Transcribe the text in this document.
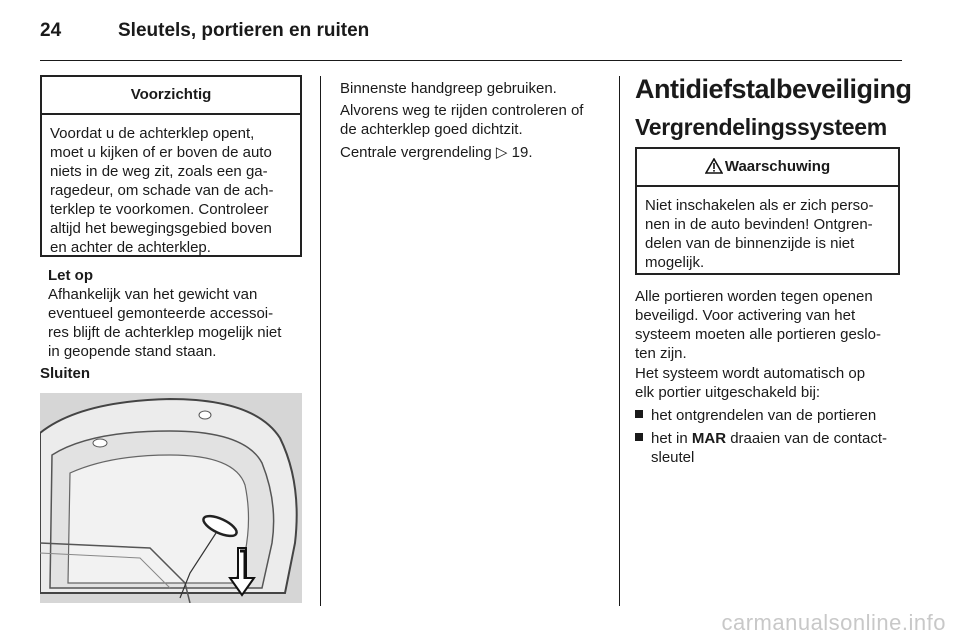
24	Sleutels, portieren en ruiten
Voorzichtig
Voordat u de achterklep opent,
moet u kijken of er boven de auto
niets in de weg zit, zoals een ga-
ragedeur, om schade van de ach-
terklep te voorkomen. Controleer
altijd het bewegingsgebied boven
en achter de achterklep.
Let op
Afhankelijk van het gewicht van
eventueel gemonteerde accessoi-
res blijft de achterklep mogelijk niet
in geopende stand staan.
Sluiten
Binnenste handgreep gebruiken.
Alvorens weg te rijden controleren of
de achterklep goed dichtzit.
Centrale vergrendeling ▷ 19.
Antidiefstalbeveiliging
Vergrendelingssysteem
Waarschuwing
Niet inschakelen als er zich perso-
nen in de auto bevinden! Ontgren-
delen van de binnenzijde is niet
mogelijk.
Alle portieren worden tegen openen
beveiligd. Voor activering van het
systeem moeten alle portieren geslo-
ten zijn.
Het systeem wordt automatisch op
elk portier uitgeschakeld bij:
het ontgrendelen van de portieren
het in MAR draaien van de contact-
sleutel
carmanualsonline.info
